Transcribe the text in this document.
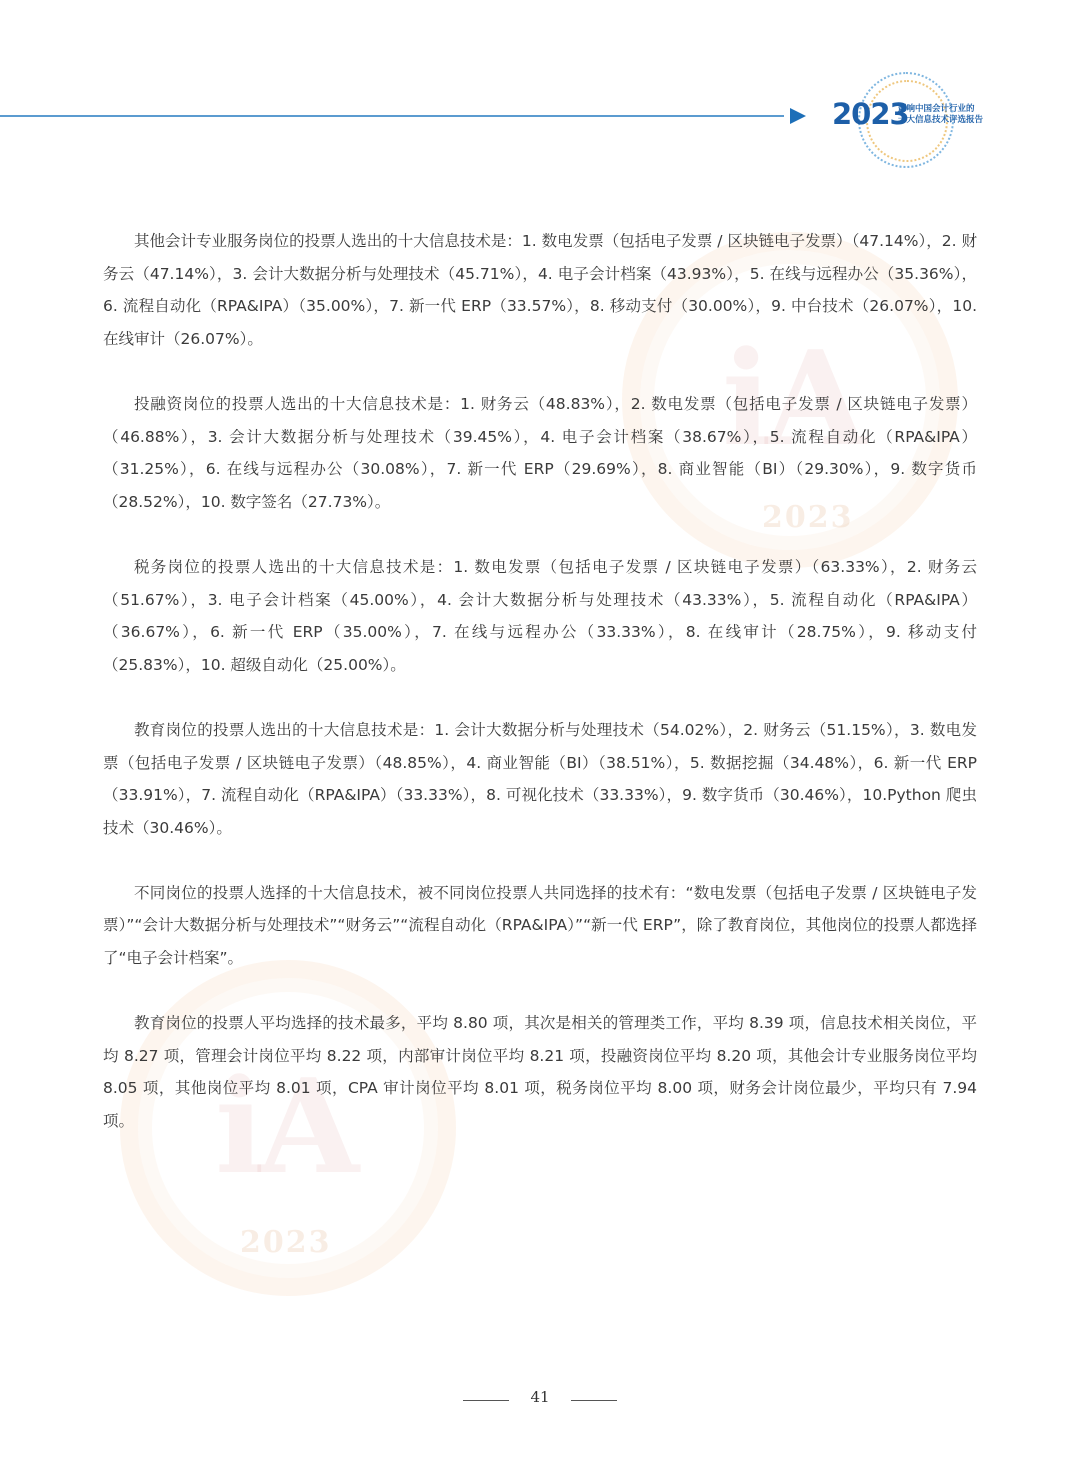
2023
影响中国会计行业的
十大信息技术评选报告
iA
2023
iA
2023

其他会计专业服务岗位的投票人选出的十大信息技术是：1. 数电发票（包括电子发票 / 区块链电子发票）（47.14%），2. 财务云（47.14%），3. 会计大数据分析与处理技术（45.71%），4. 电子会计档案（43.93%），5. 在线与远程办公（35.36%），6. 流程自动化（RPA&IPA）（35.00%），7. 新一代 ERP（33.57%），8. 移动支付（30.00%），9. 中台技术（26.07%），10. 在线审计（26.07%）。

投融资岗位的投票人选出的十大信息技术是：1. 财务云（48.83%），2. 数电发票（包括电子发票 / 区块链电子发票）（46.88%），3. 会计大数据分析与处理技术（39.45%），4. 电子会计档案（38.67%），5. 流程自动化（RPA&IPA）（31.25%），6. 在线与远程办公（30.08%），7. 新一代 ERP（29.69%），8. 商业智能（BI）（29.30%），9. 数字货币（28.52%），10. 数字签名（27.73%）。

税务岗位的投票人选出的十大信息技术是：1. 数电发票（包括电子发票 / 区块链电子发票）（63.33%），2. 财务云（51.67%），3. 电子会计档案（45.00%），4. 会计大数据分析与处理技术（43.33%），5. 流程自动化（RPA&IPA）（36.67%），6. 新一代 ERP（35.00%），7. 在线与远程办公（33.33%），8. 在线审计（28.75%），9. 移动支付（25.83%），10. 超级自动化（25.00%）。

教育岗位的投票人选出的十大信息技术是：1. 会计大数据分析与处理技术（54.02%），2. 财务云（51.15%），3. 数电发票（包括电子发票 / 区块链电子发票）（48.85%），4. 商业智能（BI）（38.51%），5. 数据挖掘（34.48%），6. 新一代 ERP（33.91%），7. 流程自动化（RPA&IPA）（33.33%），8. 可视化技术（33.33%），9. 数字货币（30.46%），10.Python 爬虫技术（30.46%）。

不同岗位的投票人选择的十大信息技术，被不同岗位投票人共同选择的技术有：“数电发票（包括电子发票 / 区块链电子发票）”“会计大数据分析与处理技术”“财务云”“流程自动化（RPA&IPA）”“新一代 ERP”，除了教育岗位，其他岗位的投票人都选择了“电子会计档案”。

教育岗位的投票人平均选择的技术最多，平均 8.80 项，其次是相关的管理类工作，平均 8.39 项，信息技术相关岗位，平均 8.27 项，管理会计岗位平均 8.22 项，内部审计岗位平均 8.21 项，投融资岗位平均 8.20 项，其他会计专业服务岗位平均 8.05 项，其他岗位平均 8.01 项，CPA 审计岗位平均 8.01 项，税务岗位平均 8.00 项，财务会计岗位最少，平均只有 7.94 项。

41
